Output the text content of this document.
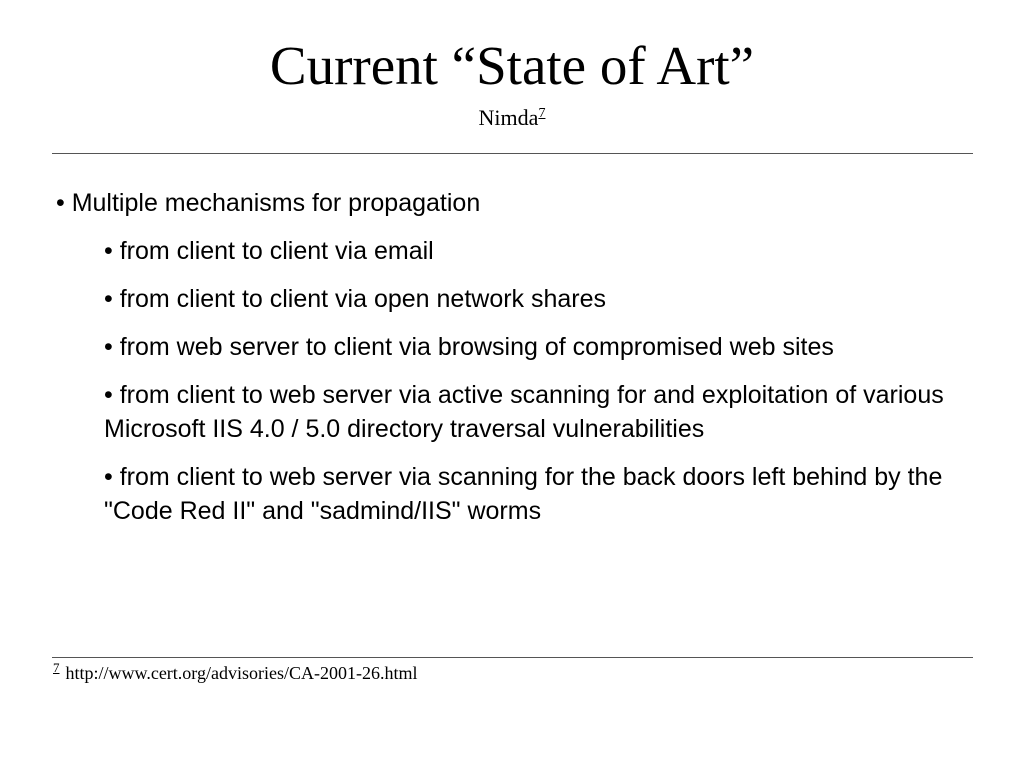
Current “State of Art”
Nimda$^7$
• Multiple mechanisms for propagation
• from client to client via email
• from client to client via open network shares
• from web server to client via browsing of compromised web sites
• from client to web server via active scanning for and exploitation of various Microsoft IIS 4.0 / 5.0 directory traversal vulnerabilities
• from client to web server via scanning for the back doors left behind by the "Code Red II" and "sadmind/IIS" worms
$^7$ http://www.cert.org/advisories/CA-2001-26.html
